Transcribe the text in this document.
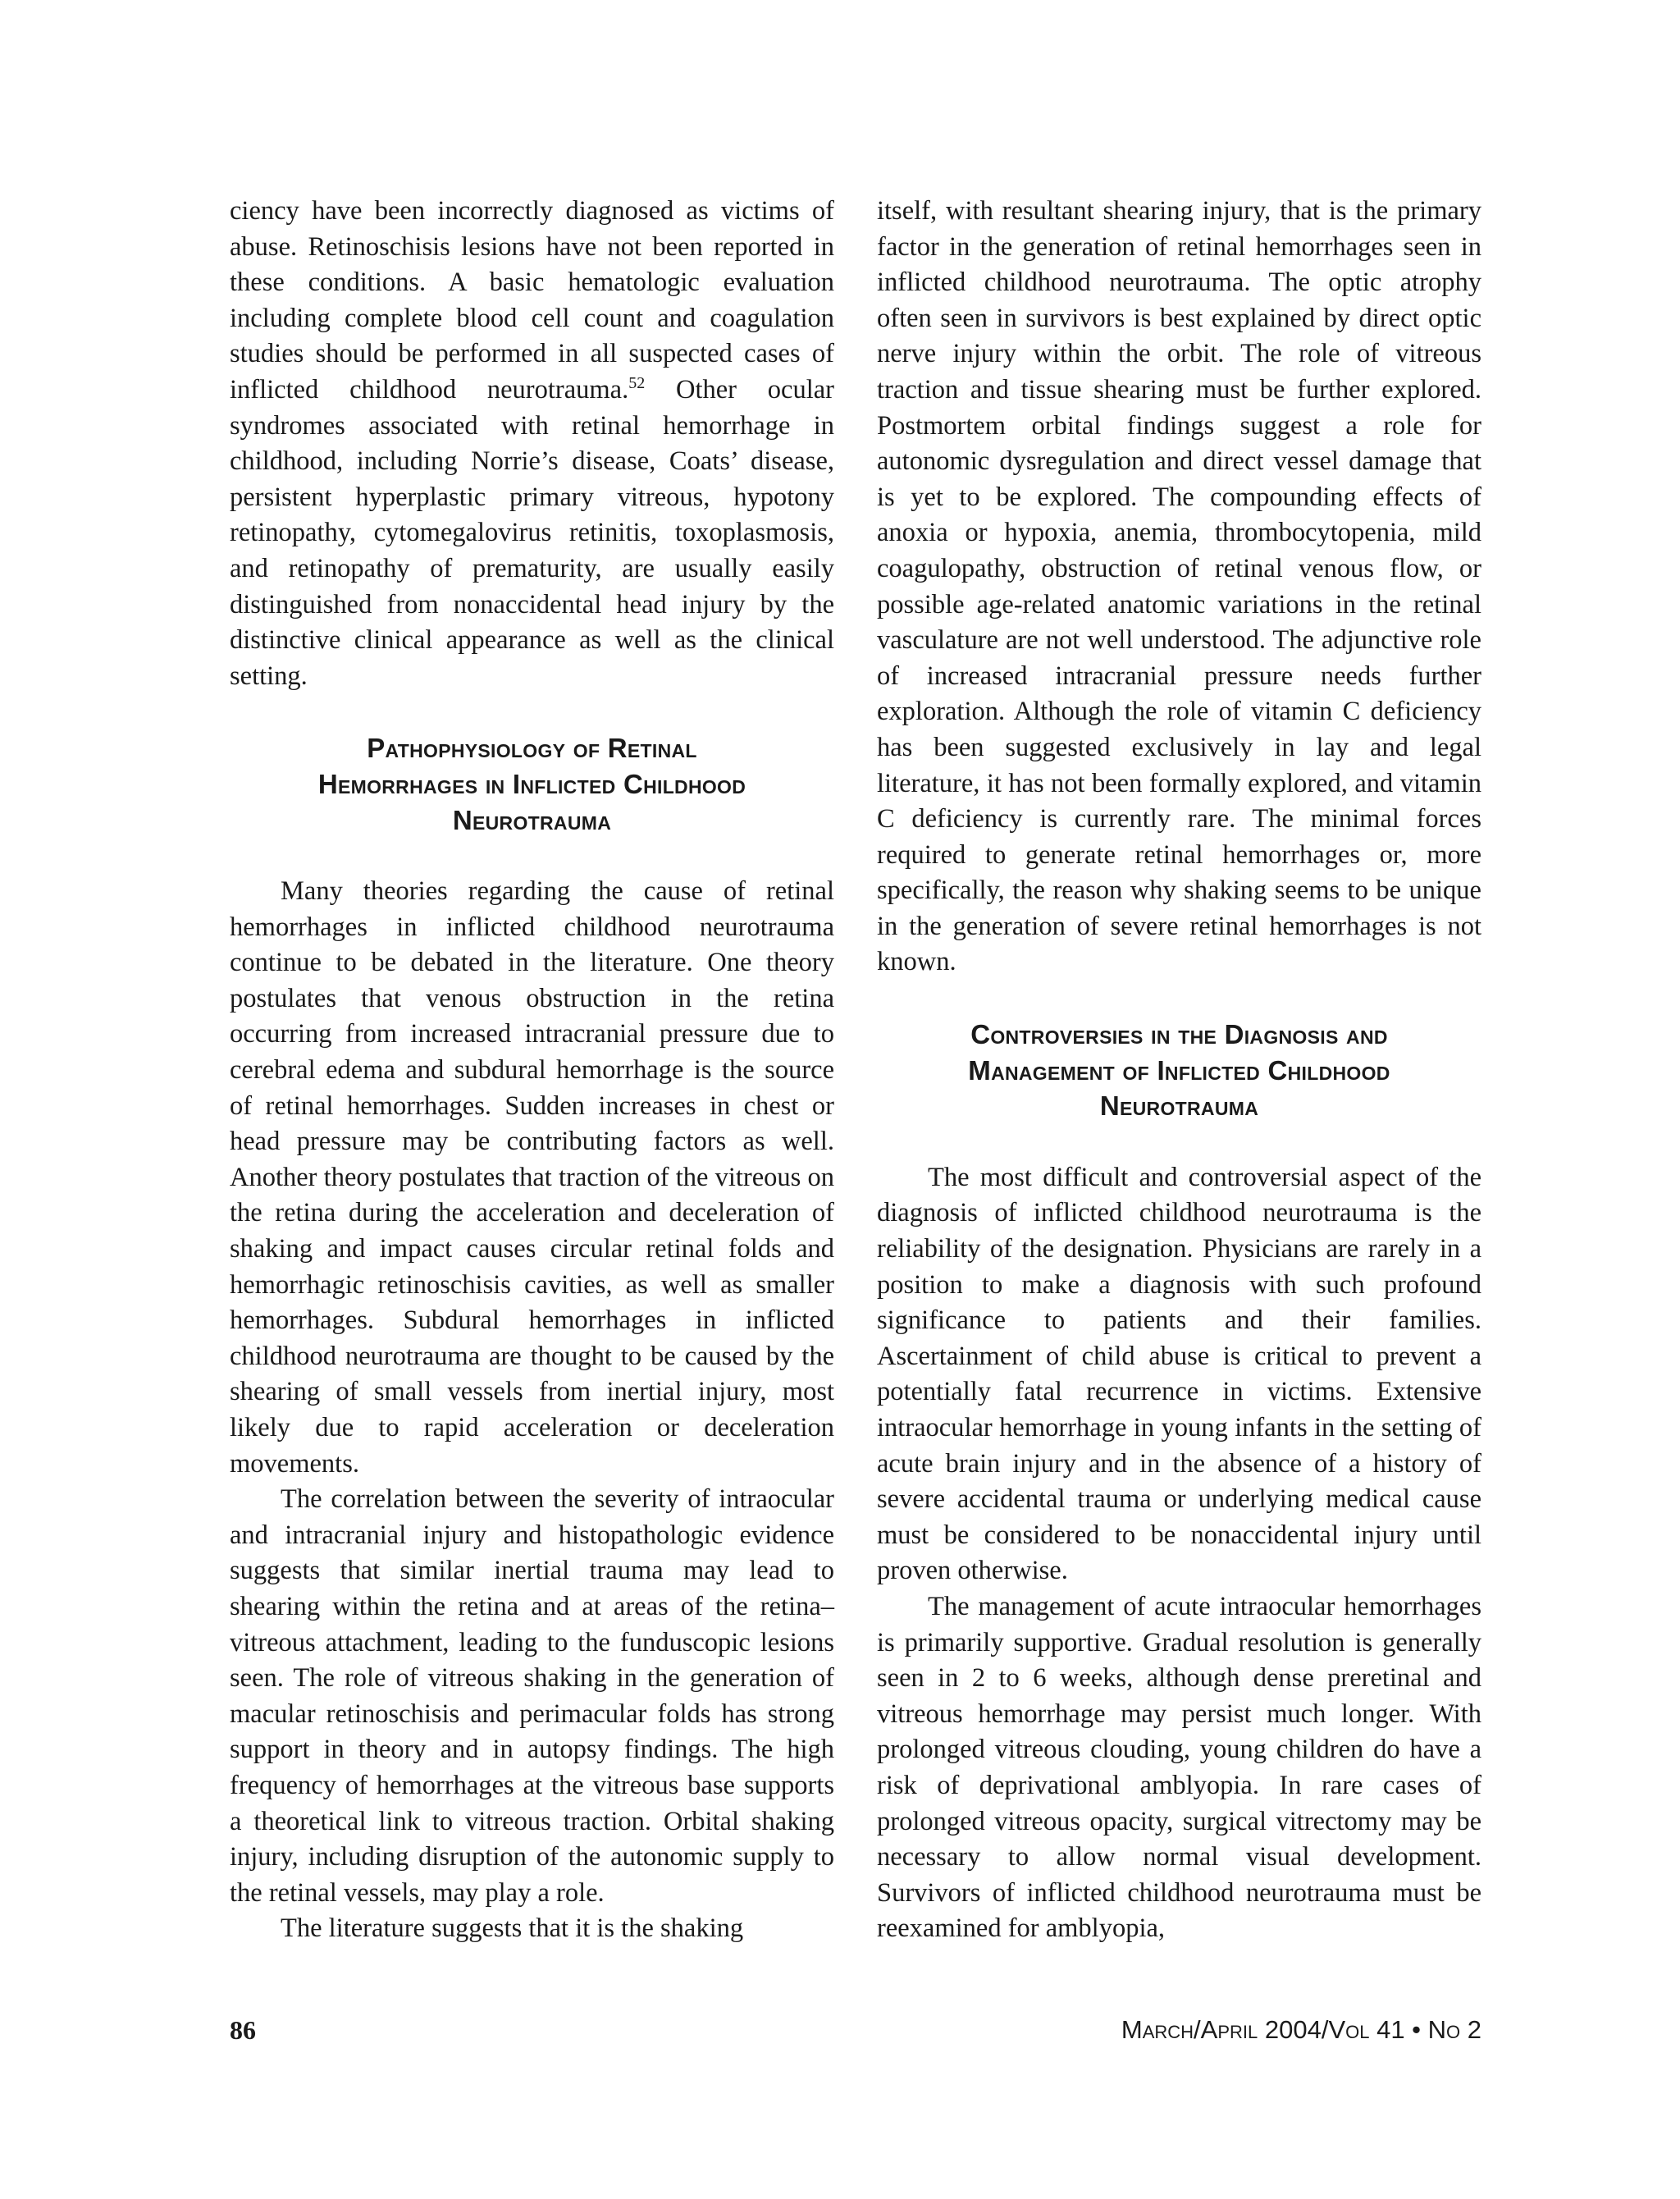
ciency have been incorrectly diagnosed as victims of abuse. Retinoschisis lesions have not been reported in these conditions. A basic hematologic evaluation including complete blood cell count and coagulation studies should be performed in all suspected cases of inflicted childhood neurotrauma.$^{52}$ Other ocular syndromes associated with retinal hemorrhage in childhood, including Norrie’s disease, Coats’ disease, persistent hyperplastic primary vitreous, hypotony retinopathy, cytomegalovirus retinitis, toxoplasmosis, and retinopathy of prematurity, are usually easily distinguished from nonaccidental head injury by the distinctive clinical appearance as well as the clinical setting.

Pathophysiology of Retinal
Hemorrhages in Inflicted Childhood
Neurotrauma

Many theories regarding the cause of retinal hemorrhages in inflicted childhood neurotrauma continue to be debated in the literature. One theory postulates that venous obstruction in the retina occurring from increased intracranial pressure due to cerebral edema and subdural hemorrhage is the source of retinal hemorrhages. Sudden increases in chest or head pressure may be contributing factors as well. Another theory postulates that traction of the vitreous on the retina during the acceleration and deceleration of shaking and impact causes circular retinal folds and hemorrhagic retinoschisis cavities, as well as smaller hemorrhages. Subdural hemorrhages in inflicted childhood neurotrauma are thought to be caused by the shearing of small vessels from inertial injury, most likely due to rapid acceleration or deceleration movements.

The correlation between the severity of intraocular and intracranial injury and histopathologic evidence suggests that similar inertial trauma may lead to shearing within the retina and at areas of the retina–vitreous attachment, leading to the funduscopic lesions seen. The role of vitreous shaking in the generation of macular retinoschisis and perimacular folds has strong support in theory and in autopsy findings. The high frequency of hemorrhages at the vitreous base supports a theoretical link to vitreous traction. Orbital shaking injury, including disruption of the autonomic supply to the retinal vessels, may play a role.

The literature suggests that it is the shaking

itself, with resultant shearing injury, that is the primary factor in the generation of retinal hemorrhages seen in inflicted childhood neurotrauma. The optic atrophy often seen in survivors is best explained by direct optic nerve injury within the orbit. The role of vitreous traction and tissue shearing must be further explored. Postmortem orbital findings suggest a role for autonomic dysregulation and direct vessel damage that is yet to be explored. The compounding effects of anoxia or hypoxia, anemia, thrombocytopenia, mild coagulopathy, obstruction of retinal venous flow, or possible age-related anatomic variations in the retinal vasculature are not well understood. The adjunctive role of increased intracranial pressure needs further exploration. Although the role of vitamin C deficiency has been suggested exclusively in lay and legal literature, it has not been formally explored, and vitamin C deficiency is currently rare. The minimal forces required to generate retinal hemorrhages or, more specifically, the reason why shaking seems to be unique in the generation of severe retinal hemorrhages is not known.

Controversies in the Diagnosis and
Management of Inflicted Childhood
Neurotrauma

The most difficult and controversial aspect of the diagnosis of inflicted childhood neurotrauma is the reliability of the designation. Physicians are rarely in a position to make a diagnosis with such profound significance to patients and their families. Ascertainment of child abuse is critical to prevent a potentially fatal recurrence in victims. Extensive intraocular hemorrhage in young infants in the setting of acute brain injury and in the absence of a history of severe accidental trauma or underlying medical cause must be considered to be nonaccidental injury until proven otherwise.

The management of acute intraocular hemorrhages is primarily supportive. Gradual resolution is generally seen in 2 to 6 weeks, although dense preretinal and vitreous hemorrhage may persist much longer. With prolonged vitreous clouding, young children do have a risk of deprivational amblyopia. In rare cases of prolonged vitreous opacity, surgical vitrectomy may be necessary to allow normal visual development. Survivors of inflicted childhood neurotrauma must be reexamined for amblyopia,

86	March/April 2004/Vol 41 • No 2
